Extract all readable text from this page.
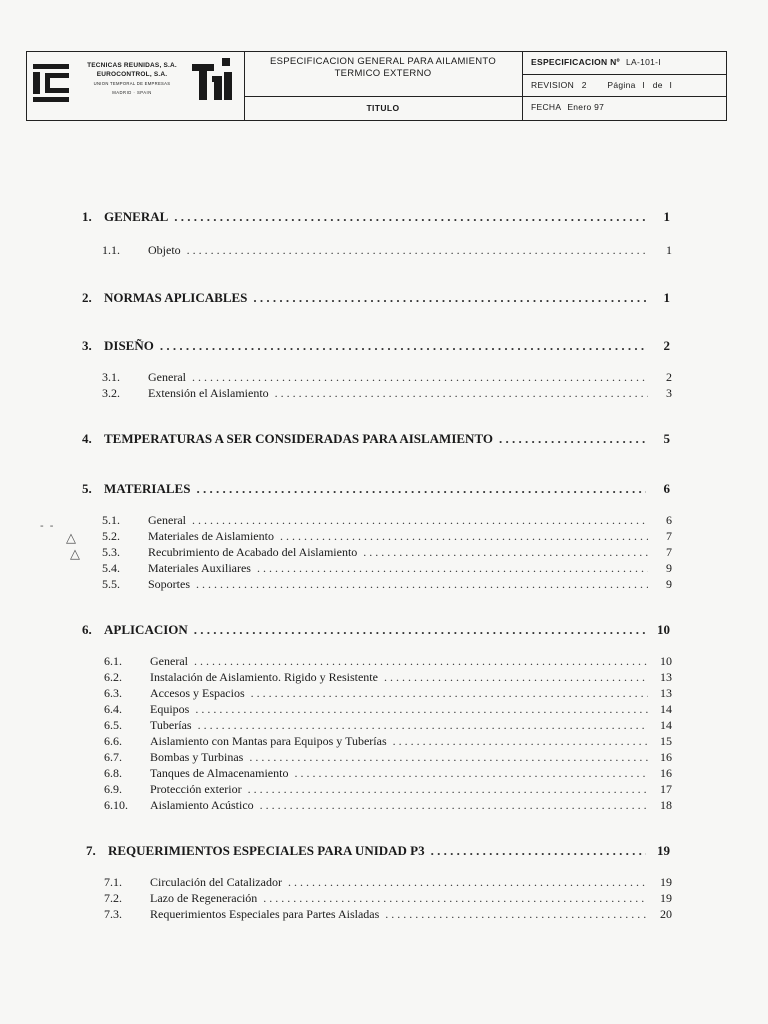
TECNICAS REUNIDAS, S.A.
EUROCONTROL, S.A.
UNION TEMPORAL DE EMPRESAS
MADRID · SPAIN
ESPECIFICACION GENERAL PARA AILAMIENTO
TERMICO EXTERNO
TITULO
ESPECIFICACION Nº LA-101-I
REVISION 2 Página I de I
FECHA Enero 97
1. GENERAL . . .	1
1.1.	Objeto . . .	1
2. NORMAS APLICABLES . . .	1
3. DISEÑO . . .	2
3.1.	General . . .	2
3.2.	Extensión el Aislamiento . . .	3
4. TEMPERATURAS A SER CONSIDERADAS PARA AISLAMIENTO . . .	5
5. MATERIALES . . .	6
5.1.	General . . .	6
5.2.	Materiales de Aislamiento . . .	7
5.3.	Recubrimiento de Acabado del Aislamiento . . .	7
5.4.	Materiales Auxiliares . . .	9
5.5.	Soportes . . .	9
6. APLICACION . . .	10
6.1.	General . . .	10
6.2.	Instalación de Aislamiento. Rigido y Resistente . . .	13
6.3.	Accesos y Espacios . . .	13
6.4.	Equipos . . .	14
6.5.	Tuberías . . .	14
6.6.	Aislamiento con Mantas para Equipos y Tuberías . . .	15
6.7.	Bombas y Turbinas . . .	16
6.8.	Tanques de Almacenamiento . . .	16
6.9.	Protección exterior . . .	17
6.10.	Aislamiento Acústico . . .	18
7. REQUERIMIENTOS ESPECIALES PARA UNIDAD P3 . . .	19
7.1.	Circulación del Catalizador . . .	19
7.2.	Lazo de Regeneración . . .	19
7.3.	Requerimientos Especiales para Partes Aisladas . . .	20
-  -
△
△
